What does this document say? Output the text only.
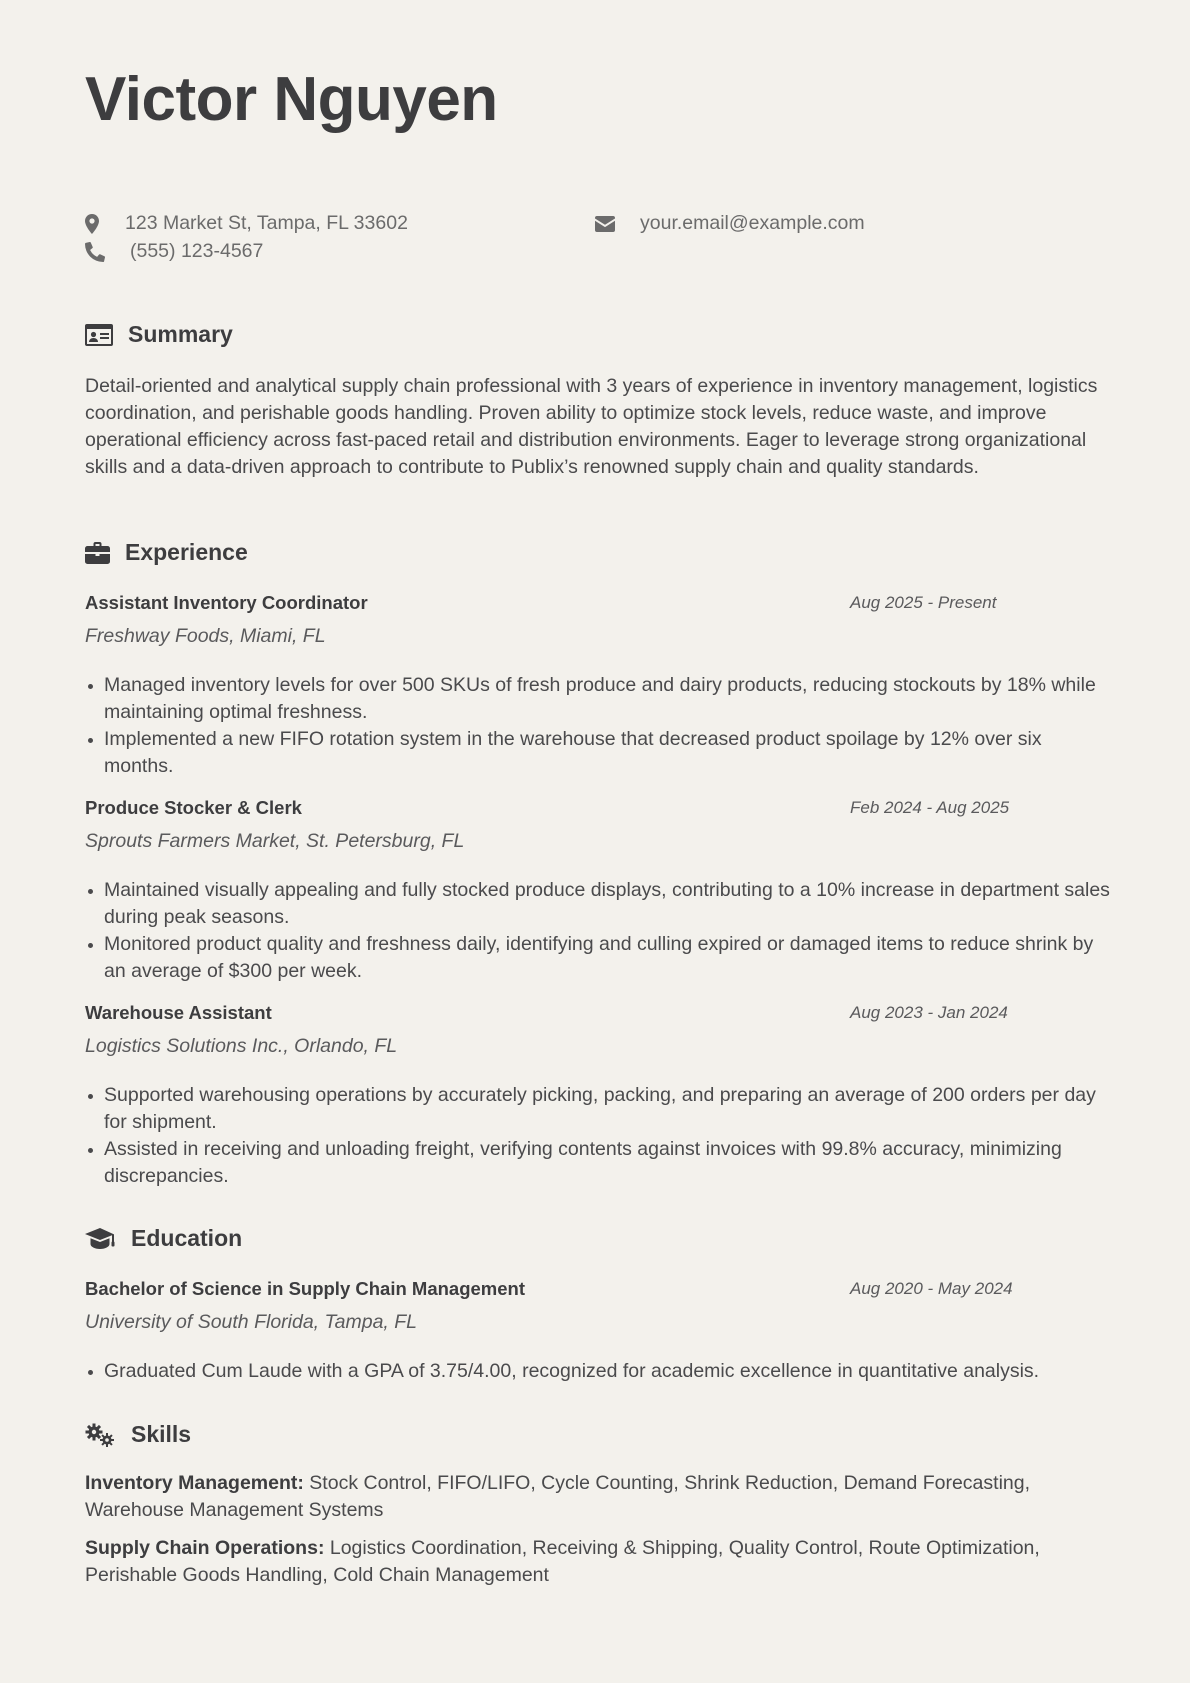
Victor Nguyen
123 Market St, Tampa, FL 33602	your.email@example.com
(555) 123-4567
Summary
Detail-oriented and analytical supply chain professional with 3 years of experience in inventory management, logistics coordination, and perishable goods handling. Proven ability to optimize stock levels, reduce waste, and improve operational efficiency across fast-paced retail and distribution environments. Eager to leverage strong organizational skills and a data-driven approach to contribute to Publix’s renowned supply chain and quality standards.
Experience
Assistant Inventory Coordinator	Aug 2025 - Present
Freshway Foods, Miami, FL
Managed inventory levels for over 500 SKUs of fresh produce and dairy products, reducing stockouts by 18% while maintaining optimal freshness.
Implemented a new FIFO rotation system in the warehouse that decreased product spoilage by 12% over six months.
Produce Stocker & Clerk	Feb 2024 - Aug 2025
Sprouts Farmers Market, St. Petersburg, FL
Maintained visually appealing and fully stocked produce displays, contributing to a 10% increase in department sales during peak seasons.
Monitored product quality and freshness daily, identifying and culling expired or damaged items to reduce shrink by an average of $300 per week.
Warehouse Assistant	Aug 2023 - Jan 2024
Logistics Solutions Inc., Orlando, FL
Supported warehousing operations by accurately picking, packing, and preparing an average of 200 orders per day for shipment.
Assisted in receiving and unloading freight, verifying contents against invoices with 99.8% accuracy, minimizing discrepancies.
Education
Bachelor of Science in Supply Chain Management	Aug 2020 - May 2024
University of South Florida, Tampa, FL
Graduated Cum Laude with a GPA of 3.75/4.00, recognized for academic excellence in quantitative analysis.
Skills
Inventory Management: Stock Control, FIFO/LIFO, Cycle Counting, Shrink Reduction, Demand Forecasting, Warehouse Management Systems
Supply Chain Operations: Logistics Coordination, Receiving & Shipping, Quality Control, Route Optimization, Perishable Goods Handling, Cold Chain Management
